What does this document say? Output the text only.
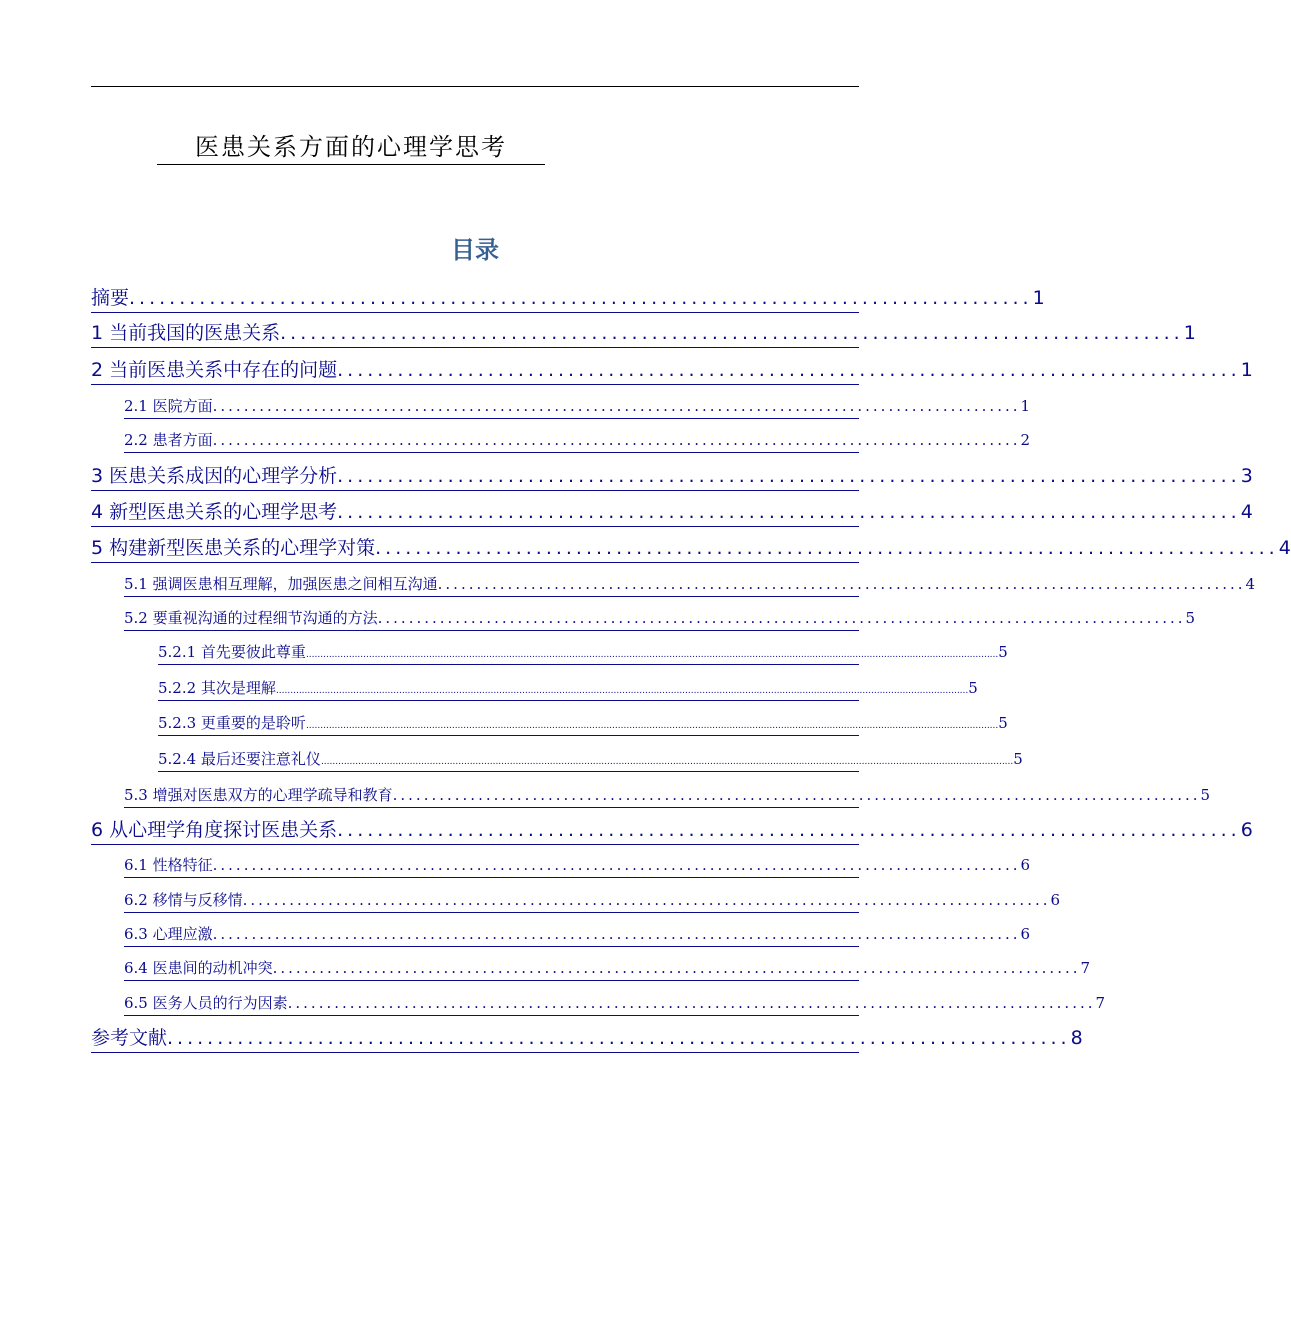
医患关系方面的心理学思考
目录
摘要 .......................................................................................... 1
1 当前我国的医患关系 .......................................................................................... 1
2 当前医患关系中存在的问题 .......................................................................................... 1
2.1 医院方面 ........................................................................................................ 1
2.2 患者方面 ........................................................................................................ 2
3 医患关系成因的心理学分析 .......................................................................................... 3
4 新型医患关系的心理学思考 .......................................................................................... 4
5 构建新型医患关系的心理学对策 .......................................................................................... 4
5.1 强调医患相互理解，加强医患之间相互沟通 ........................................................................................................ 4
5.2 要重视沟通的过程细节沟通的方法 ........................................................................................................ 5
5.2.1 首先要彼此尊重 .................................................................................................................................................................................................................................................. 5
5.2.2 其次是理解 .................................................................................................................................................................................................................................................. 5
5.2.3 更重要的是聆听 .................................................................................................................................................................................................................................................. 5
5.2.4 最后还要注意礼仪 .................................................................................................................................................................................................................................................. 5
5.3 增强对医患双方的心理学疏导和教育 ........................................................................................................ 5
6 从心理学角度探讨医患关系 .......................................................................................... 6
6.1 性格特征 ........................................................................................................ 6
6.2 移情与反移情 ........................................................................................................ 6
6.3 心理应激 ........................................................................................................ 6
6.4 医患间的动机冲突 ........................................................................................................ 7
6.5 医务人员的行为因素 ........................................................................................................ 7
参考文献 .......................................................................................... 8
